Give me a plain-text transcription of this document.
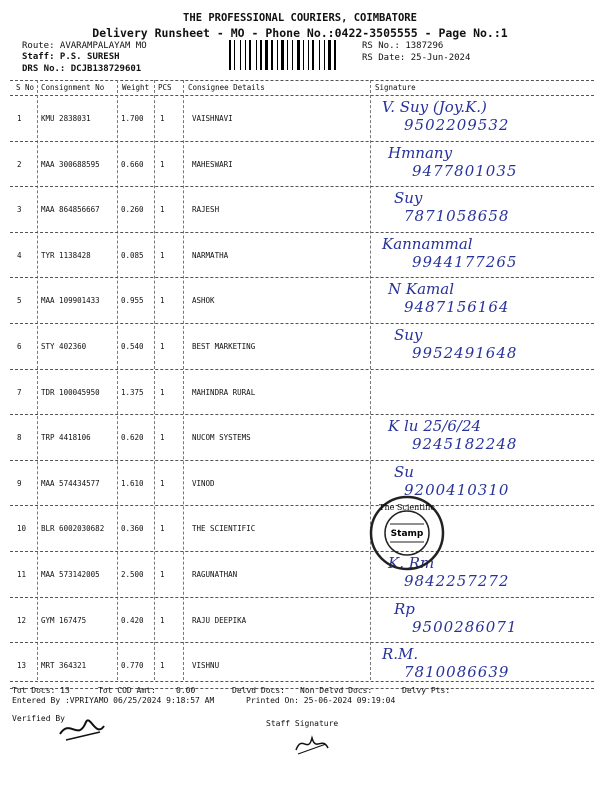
THE PROFESSIONAL COURIERS, COIMBATORE
Delivery Runsheet - MO - Phone No.:0422-3505555 - Page No.:1
Route: AVARAMPALAYAM MO
Staff: P.S. SURESH
DRS No.: DCJB138729601
RS No.: 1387296
RS Date: 25-Jun-2024
S No Consignment No Weight PCS Consignee Details	Signature
1	KMU 2838031	1.700 1	VAISHNAVI
V. Suy (Joy.K.)
9502209532
2	MAA 300688595	0.660 1	MAHESWARI
Hmnany
9477801035
3	MAA 864856667	0.260 1	RAJESH
Suy
7871058658
4	TYR 1138428	0.085 1	NARMATHA
Kannammal
9944177265
5	MAA 109901433	0.955 1	ASHOK
N Kamal
9487156164
6	STY 402360	0.540 1	BEST MARKETING
Suy
9952491648
7	TDR 100045950	1.375 1	MAHINDRA RURAL
8	TRP 4418106	0.620 1	NUCOM SYSTEMS
K lu 25/6/24
9245182248
9	MAA 574434577	1.610 1	VINOD
Su
9200410310
10 BLR 6002030682 0.360 1	THE SCIENTIFIC
11 MAA 573142005	2.500 1	RAGUNATHAN
K. Rm
9842257272
12 GYM 167475	0.420 1	RAJU DEEPIKA
Rp
9500286071
13 MRT 364321	0.770 1	VISHNU
R.M.
7810086639
The Scientific
Stamp
Tot Docs: 13	Tot COD Amt:	0.00	Delvd Docs: Non Delvd Docs:	Delvy Pts:
Entered By :VPRIYAMO 06/25/2024 9:18:57 AM	Printed On: 25-06-2024 09:19:04
Verified By
Staff Signature
